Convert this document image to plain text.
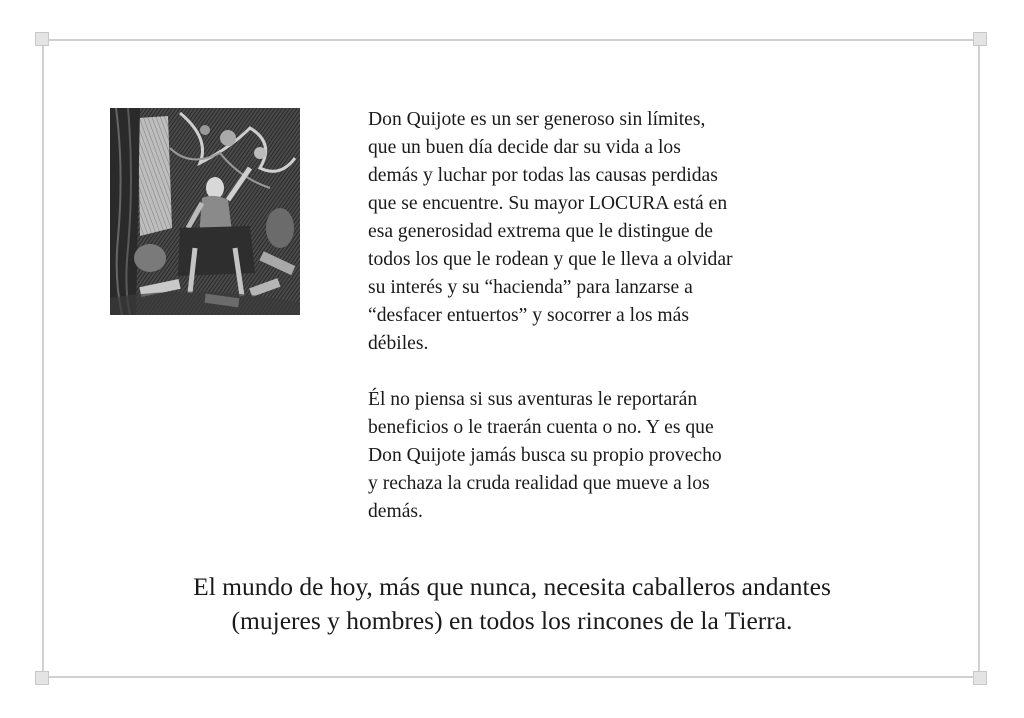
Don Quijote es un ser generoso sin límites,
que un buen día decide dar su vida a los
demás y luchar por todas las causas perdidas
que se encuentre. Su mayor LOCURA está en
esa generosidad extrema que le distingue de
todos los que le rodean y que le lleva a olvidar
su interés y su “hacienda” para lanzarse a
“desfacer entuertos” y socorrer a los más
débiles.
Él no piensa si sus aventuras le reportarán
beneficios o le traerán cuenta o no. Y es que
Don Quijote jamás busca su propio provecho
y rechaza la cruda realidad que mueve a los
demás.
El mundo de hoy, más que nunca, necesita caballeros andantes
(mujeres y hombres) en todos los rincones de la Tierra.
